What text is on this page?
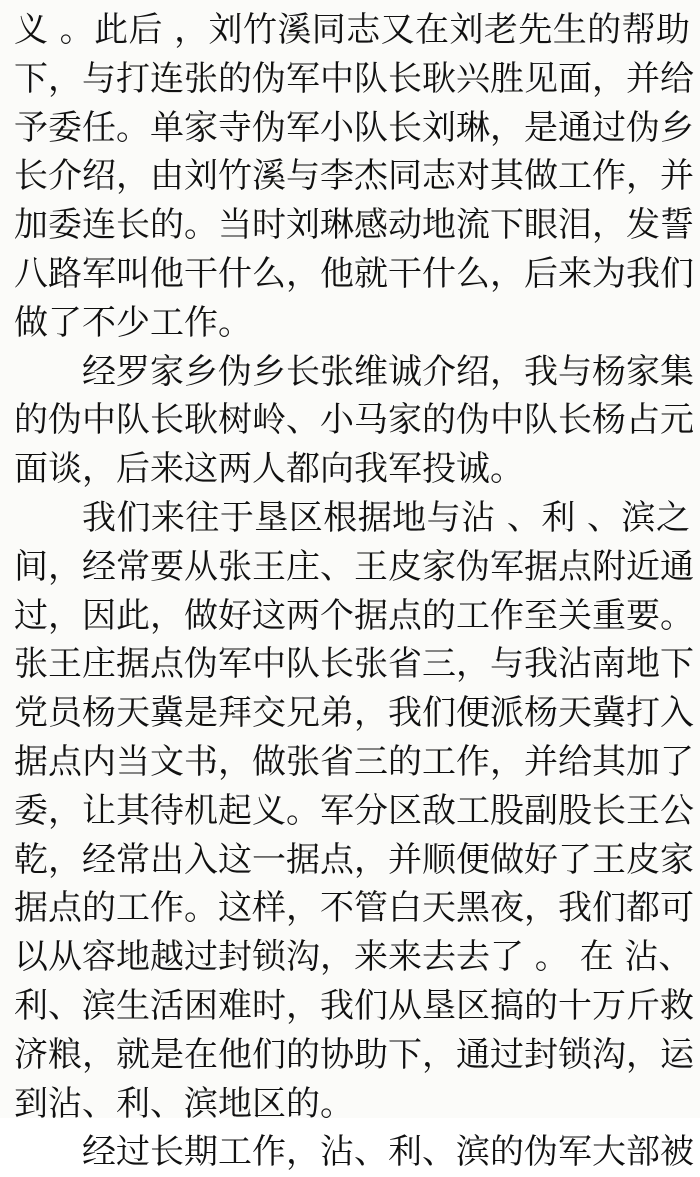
义 。此后 ，刘竹溪同志又在刘老先生的帮助
下，与打连张的伪军中队长耿兴胜见面，并给
予委任。单家寺伪军小队长刘琳，是通过伪乡
长介绍，由刘竹溪与李杰同志对其做工作，并
加委连长的。当时刘琳感动地流下眼泪，发誓
八路军叫他干什么，他就干什么，后来为我们
做了不少工作。
经罗家乡伪乡长张维诚介绍，我与杨家集
的伪中队长耿树岭、小马家的伪中队长杨占元
面谈，后来这两人都向我军投诚。
我们来往于垦区根据地与沾 、利 、滨之
间，经常要从张王庄、王皮家伪军据点附近通
过，因此，做好这两个据点的工作至关重要。
张王庄据点伪军中队长张省三，与我沾南地下
党员杨天冀是拜交兄弟，我们便派杨天冀打入
据点内当文书，做张省三的工作，并给其加了
委，让其待机起义。军分区敌工股副股长王公
乾，经常出入这一据点，并顺便做好了王皮家
据点的工作。这样，不管白天黑夜，我们都可
以从容地越过封锁沟，来来去去了 。 在 沾、
利、滨生活困难时，我们从垦区搞的十万斤救
济粮，就是在他们的协助下，通过封锁沟，运
到沾、利、滨地区的。
经过长期工作，沾、利、滨的伪军大部被
